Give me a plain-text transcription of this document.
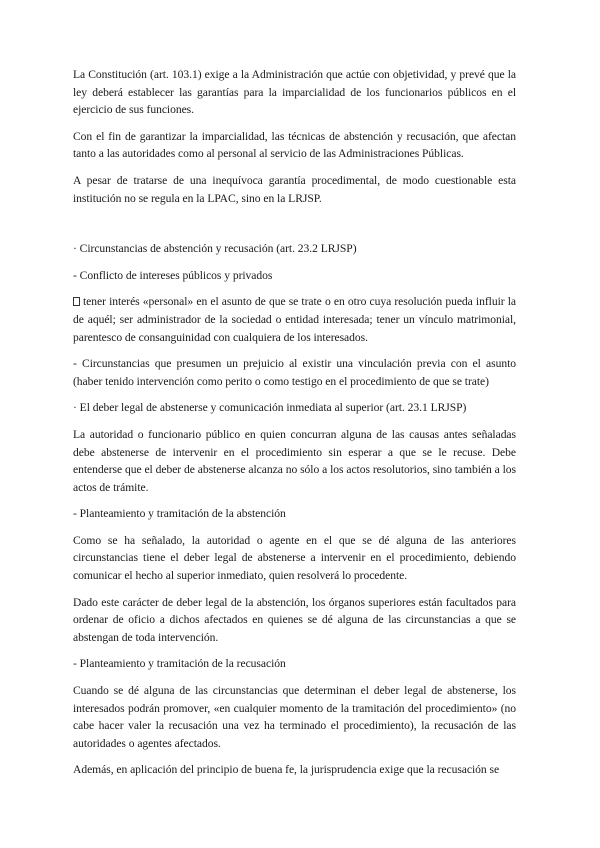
La Constitución (art. 103.1) exige a la Administración que actúe con objetividad, y prevé que la ley deberá establecer las garantías para la imparcialidad de los funcionarios públicos en el ejercicio de sus funciones.

Con el fin de garantizar la imparcialidad, las técnicas de abstención y recusación, que afectan tanto a las autoridades como al personal al servicio de las Administraciones Públicas.

A pesar de tratarse de una inequívoca garantía procedimental, de modo cuestionable esta institución no se regula en la LPAC, sino en la LRJSP.

· Circunstancias de abstención y recusación (art. 23.2 LRJSP)

- Conflicto de intereses públicos y privados

tener interés «personal» en el asunto de que se trate o en otro cuya resolución pueda influir la de aquél; ser administrador de la sociedad o entidad interesada; tener un vínculo matrimonial, parentesco de consanguinidad con cualquiera de los interesados.

- Circunstancias que presumen un prejuicio al existir una vinculación previa con el asunto (haber tenido intervención como perito o como testigo en el procedimiento de que se trate)

· El deber legal de abstenerse y comunicación inmediata al superior (art. 23.1 LRJSP)

La autoridad o funcionario público en quien concurran alguna de las causas antes señaladas debe abstenerse de intervenir en el procedimiento sin esperar a que se le recuse. Debe entenderse que el deber de abstenerse alcanza no sólo a los actos resolutorios, sino también a los actos de trámite.

- Planteamiento y tramitación de la abstención

Como se ha señalado, la autoridad o agente en el que se dé alguna de las anteriores circunstancias tiene el deber legal de abstenerse a intervenir en el procedimiento, debiendo comunicar el hecho al superior inmediato, quien resolverá lo procedente.

Dado este carácter de deber legal de la abstención, los órganos superiores están facultados para ordenar de oficio a dichos afectados en quienes se dé alguna de las circunstancias a que se abstengan de toda intervención.

- Planteamiento y tramitación de la recusación

Cuando se dé alguna de las circunstancias que determinan el deber legal de abstenerse, los interesados podrán promover, «en cualquier momento de la tramitación del procedimiento» (no cabe hacer valer la recusación una vez ha terminado el procedimiento), la recusación de las autoridades o agentes afectados.

Además, en aplicación del principio de buena fe, la jurisprudencia exige que la recusación se
